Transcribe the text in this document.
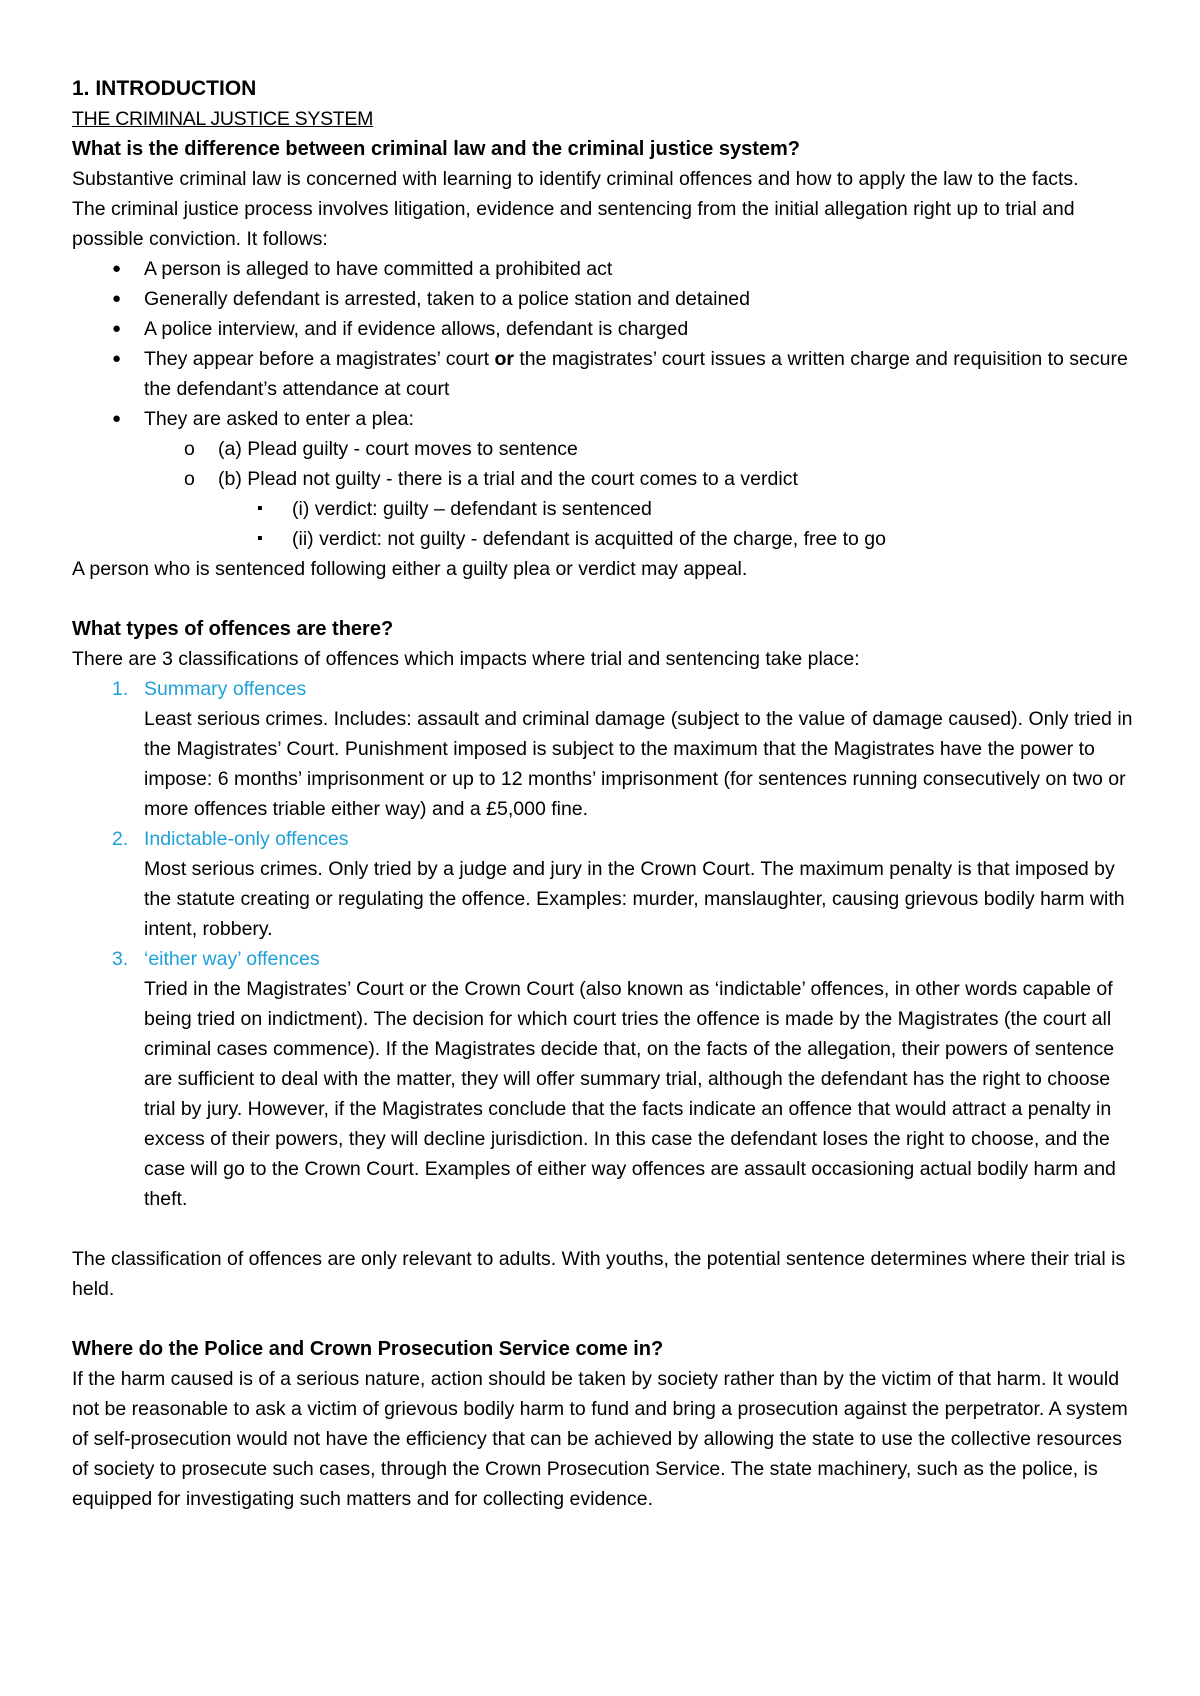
1. INTRODUCTION

THE CRIMINAL JUSTICE SYSTEM

What is the difference between criminal law and the criminal justice system?

Substantive criminal law is concerned with learning to identify criminal offences and how to apply the law to the facts.

The criminal justice process involves litigation, evidence and sentencing from the initial allegation right up to trial and possible conviction. It follows:

● A person is alleged to have committed a prohibited act
● Generally defendant is arrested, taken to a police station and detained
● A police interview, and if evidence allows, defendant is charged
● They appear before a magistrates’ court or the magistrates’ court issues a written charge and requisition to secure the defendant’s attendance at court
● They are asked to enter a plea:
o (a) Plead guilty - court moves to sentence
o (b) Plead not guilty - there is a trial and the court comes to a verdict
▪ (i) verdict: guilty – defendant is sentenced
▪ (ii) verdict: not guilty - defendant is acquitted of the charge, free to go

A person who is sentenced following either a guilty plea or verdict may appeal.

What types of offences are there?

There are 3 classifications of offences which impacts where trial and sentencing take place:

1. Summary offences
Least serious crimes. Includes: assault and criminal damage (subject to the value of damage caused). Only tried in the Magistrates’ Court. Punishment imposed is subject to the maximum that the Magistrates have the power to impose: 6 months’ imprisonment or up to 12 months’ imprisonment (for sentences running consecutively on two or more offences triable either way) and a £5,000 fine.
2. Indictable-only offences
Most serious crimes. Only tried by a judge and jury in the Crown Court. The maximum penalty is that imposed by the statute creating or regulating the offence. Examples: murder, manslaughter, causing grievous bodily harm with intent, robbery.
3. ‘either way’ offences
Tried in the Magistrates’ Court or the Crown Court (also known as ‘indictable’ offences, in other words capable of being tried on indictment). The decision for which court tries the offence is made by the Magistrates (the court all criminal cases commence). If the Magistrates decide that, on the facts of the allegation, their powers of sentence are sufficient to deal with the matter, they will offer summary trial, although the defendant has the right to choose trial by jury. However, if the Magistrates conclude that the facts indicate an offence that would attract a penalty in excess of their powers, they will decline jurisdiction. In this case the defendant loses the right to choose, and the case will go to the Crown Court. Examples of either way offences are assault occasioning actual bodily harm and theft.

The classification of offences are only relevant to adults. With youths, the potential sentence determines where their trial is held.

Where do the Police and Crown Prosecution Service come in?

If the harm caused is of a serious nature, action should be taken by society rather than by the victim of that harm. It would not be reasonable to ask a victim of grievous bodily harm to fund and bring a prosecution against the perpetrator. A system of self-prosecution would not have the efficiency that can be achieved by allowing the state to use the collective resources of society to prosecute such cases, through the Crown Prosecution Service. The state machinery, such as the police, is equipped for investigating such matters and for collecting evidence.
